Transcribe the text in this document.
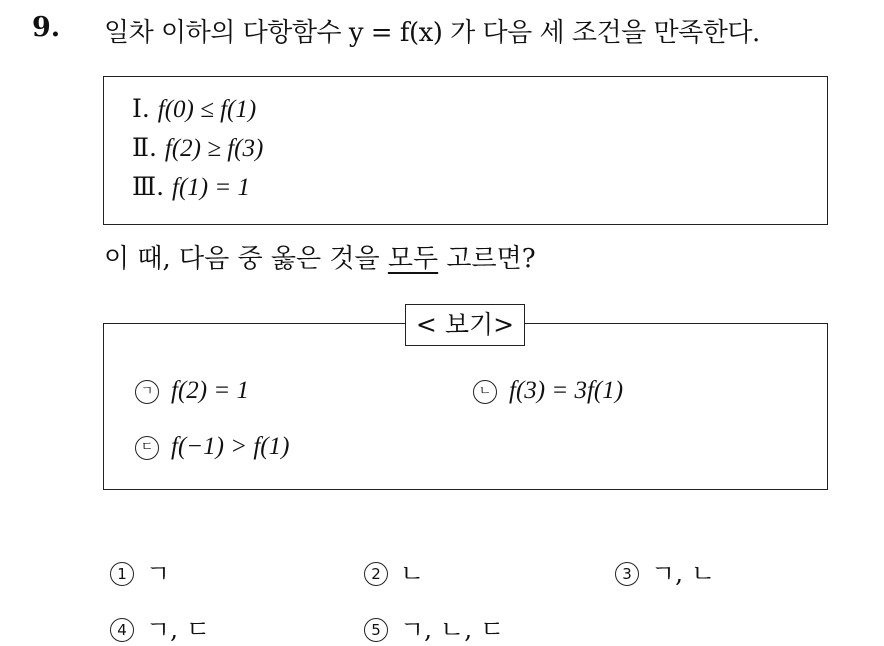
9. 일차 이하의 다항함수 y = f(x) 가 다음 세 조건을 만족한다.
Ⅰ. f(0) ≤ f(1)
Ⅱ. f(2) ≥ f(3)
Ⅲ. f(1) = 1
이 때, 다음 중 옳은 것을 모두 고르면?
< 보기>
ㄱ f(2) = 1	ㄴ f(3) = 3f(1)
ㄷ f(−1) > f(1)
1 ㄱ	2 ㄴ	3 ㄱ, ㄴ
4 ㄱ, ㄷ	5 ㄱ, ㄴ, ㄷ
